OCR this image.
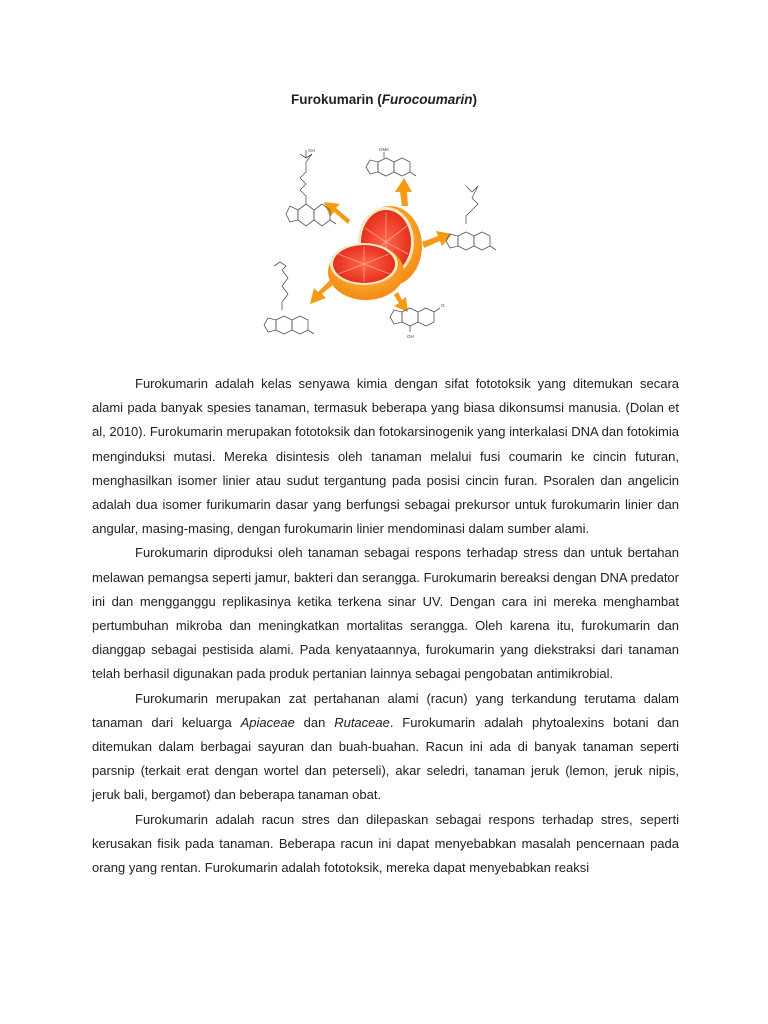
Furokumarin (Furocoumarin)
OMe
OH
O
OH

Furokumarin adalah kelas senyawa kimia dengan sifat fototoksik yang ditemukan secara alami pada banyak spesies tanaman, termasuk beberapa yang biasa dikonsumsi manusia. (Dolan et al, 2010). Furokumarin merupakan fototoksik dan fotokarsinogenik yang interkalasi DNA dan fotokimia menginduksi mutasi. Mereka disintesis oleh tanaman melalui fusi coumarin ke cincin futuran, menghasilkan isomer linier atau sudut tergantung pada posisi cincin furan. Psoralen dan angelicin adalah dua isomer furikumarin dasar yang berfungsi sebagai prekursor untuk furokumarin linier dan angular, masing-masing, dengan furokumarin linier mendominasi dalam sumber alami.

Furokumarin diproduksi oleh tanaman sebagai respons terhadap stress dan untuk bertahan melawan pemangsa seperti jamur, bakteri dan serangga. Furokumarin bereaksi dengan DNA predator ini dan mengganggu replikasinya ketika terkena sinar UV. Dengan cara ini mereka menghambat pertumbuhan mikroba dan meningkatkan mortalitas serangga. Oleh karena itu, furokumarin dan dianggap sebagai pestisida alami. Pada kenyataannya, furokumarin yang diekstraksi dari tanaman telah berhasil digunakan pada produk pertanian lainnya sebagai pengobatan antimikrobial.

Furokumarin merupakan zat pertahanan alami (racun) yang terkandung terutama dalam tanaman dari keluarga Apiaceae dan Rutaceae. Furokumarin adalah phytoalexins botani dan ditemukan dalam berbagai sayuran dan buah-buahan. Racun ini ada di banyak tanaman seperti parsnip (terkait erat dengan wortel dan peterseli), akar seledri, tanaman jeruk (lemon, jeruk nipis, jeruk bali, bergamot) dan beberapa tanaman obat.

Furokumarin adalah racun stres dan dilepaskan sebagai respons terhadap stres, seperti kerusakan fisik pada tanaman. Beberapa racun ini dapat menyebabkan masalah pencernaan pada orang yang rentan. Furokumarin adalah fototoksik, mereka dapat menyebabkan reaksi
